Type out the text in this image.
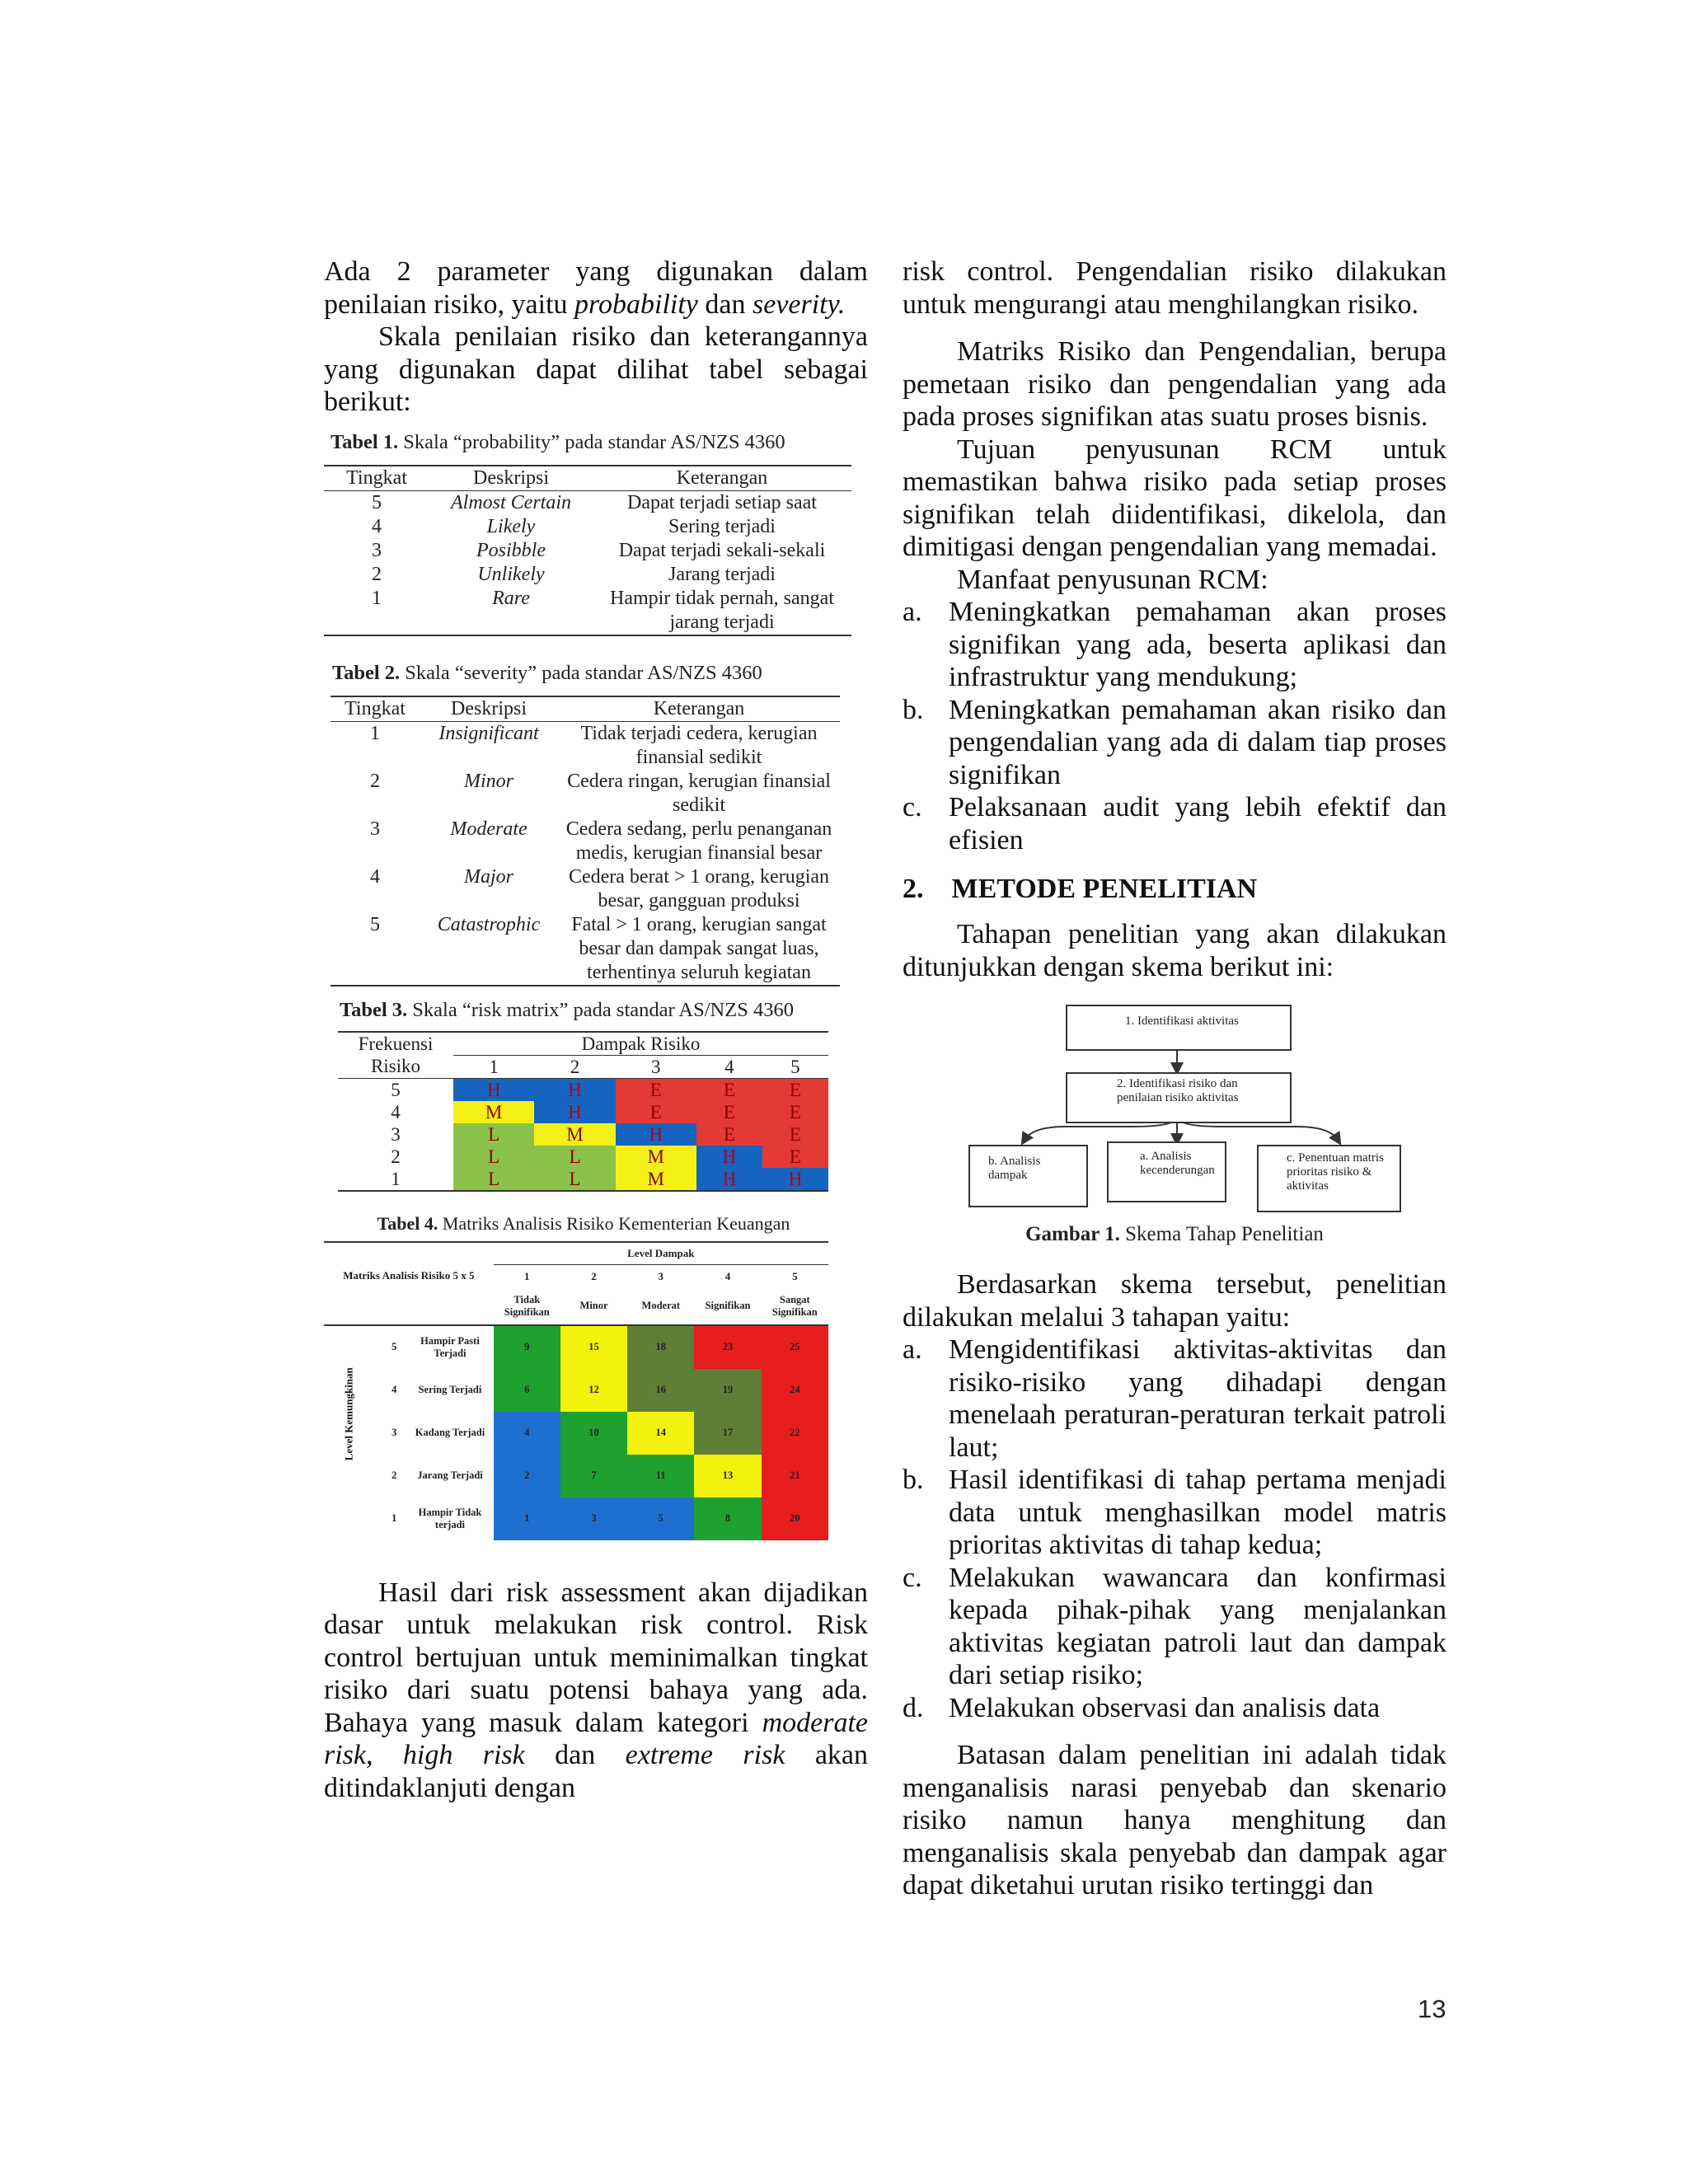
Ada 2 parameter yang digunakan dalam penilaian risiko, yaitu probability dan severity.

Skala penilaian risiko dan keterangannya yang digunakan dapat dilihat tabel sebagai berikut:

Tabel 1. Skala “probability” pada standar AS/NZS 4360

Tingkat	Deskripsi	Keterangan
5	Almost Certain	Dapat terjadi setiap saat
4	Likely	Sering terjadi
3	Posibble	Dapat terjadi sekali-sekali
2	Unlikely	Jarang terjadi
1	Rare	Hampir tidak pernah, sangat jarang terjadi

Tabel 2. Skala “severity” pada standar AS/NZS 4360

Tingkat	Deskripsi	Keterangan
1	Insignificant	Tidak terjadi cedera, kerugian finansial sedikit
2	Minor	Cedera ringan, kerugian finansial sedikit
3	Moderate	Cedera sedang, perlu penanganan medis, kerugian finansial besar
4	Major	Cedera berat > 1 orang, kerugian besar, gangguan produksi
5	Catastrophic	Fatal > 1 orang, kerugian sangat besar dan dampak sangat luas, terhentinya seluruh kegiatan

Tabel 3. Skala “risk matrix” pada standar AS/NZS 4360

Frekuensi	Dampak Risiko				
Risiko	1	2	3	4	5
5	H	H	E	E	E
4	M	H	E	E	E
3	L	M	H	E	E
2	L	L	M	H	E
1	L	L	M	H	H

Tabel 4. Matriks Analisis Risiko Kementerian Keuangan

			Level Dampak				
Matriks Analisis Risiko 5 x 5			1	2	3	4	5
			Tidak Signifikan	Minor	Moderat	Signifikan	Sangat Signifikan
	5	Hampir Pasti Terjadi	9	15	18	23	25
	4	Sering Terjadi	6	12	16	19	24
	3	Kadang Terjadi	4	10	14	17	22
	2	Jarang Terjadi	2	7	11	13	21
	1	Hampir Tidak terjadi	1	3	5	8	20
Level Kemungkinan

Hasil dari risk assessment akan dijadikan dasar untuk melakukan risk control. Risk control bertujuan untuk meminimalkan tingkat risiko dari suatu potensi bahaya yang ada. Bahaya yang masuk dalam kategori moderate risk, high risk dan extreme risk akan ditindaklanjuti dengan

risk control. Pengendalian risiko dilakukan untuk mengurangi atau menghilangkan risiko.

Matriks Risiko dan Pengendalian, berupa pemetaan risiko dan pengendalian yang ada pada proses signifikan atas suatu proses bisnis.

Tujuan penyusunan RCM untuk memastikan bahwa risiko pada setiap proses signifikan telah diidentifikasi, dikelola, dan dimitigasi dengan pengendalian yang memadai.

Manfaat penyusunan RCM:

a. Meningkatkan pemahaman akan proses signifikan yang ada, beserta aplikasi dan infrastruktur yang mendukung;
b. Meningkatkan pemahaman akan risiko dan pengendalian yang ada di dalam tiap proses signifikan
c. Pelaksanaan audit yang lebih efektif dan efisien
2. METODE PENELITIAN

Tahapan penelitian yang akan dilakukan ditunjukkan dengan skema berikut ini:

1. Identifikasi aktivitas
2. Identifikasi risiko dan penilaian risiko aktivitas
b. Analisis dampak
a. Analisis kecenderungan
c. Penentuan matris prioritas risiko & aktivitas

Gambar 1. Skema Tahap Penelitian

Berdasarkan skema tersebut, penelitian dilakukan melalui 3 tahapan yaitu:

a. Mengidentifikasi aktivitas-aktivitas dan risiko-risiko yang dihadapi dengan menelaah peraturan-peraturan terkait patroli laut;
b. Hasil identifikasi di tahap pertama menjadi data untuk menghasilkan model matris prioritas aktivitas di tahap kedua;
c. Melakukan wawancara dan konfirmasi kepada pihak-pihak yang menjalankan aktivitas kegiatan patroli laut dan dampak dari setiap risiko;
d. Melakukan observasi dan analisis data

Batasan dalam penelitian ini adalah tidak menganalisis narasi penyebab dan skenario risiko namun hanya menghitung dan menganalisis skala penyebab dan dampak agar dapat diketahui urutan risiko tertinggi dan

13
